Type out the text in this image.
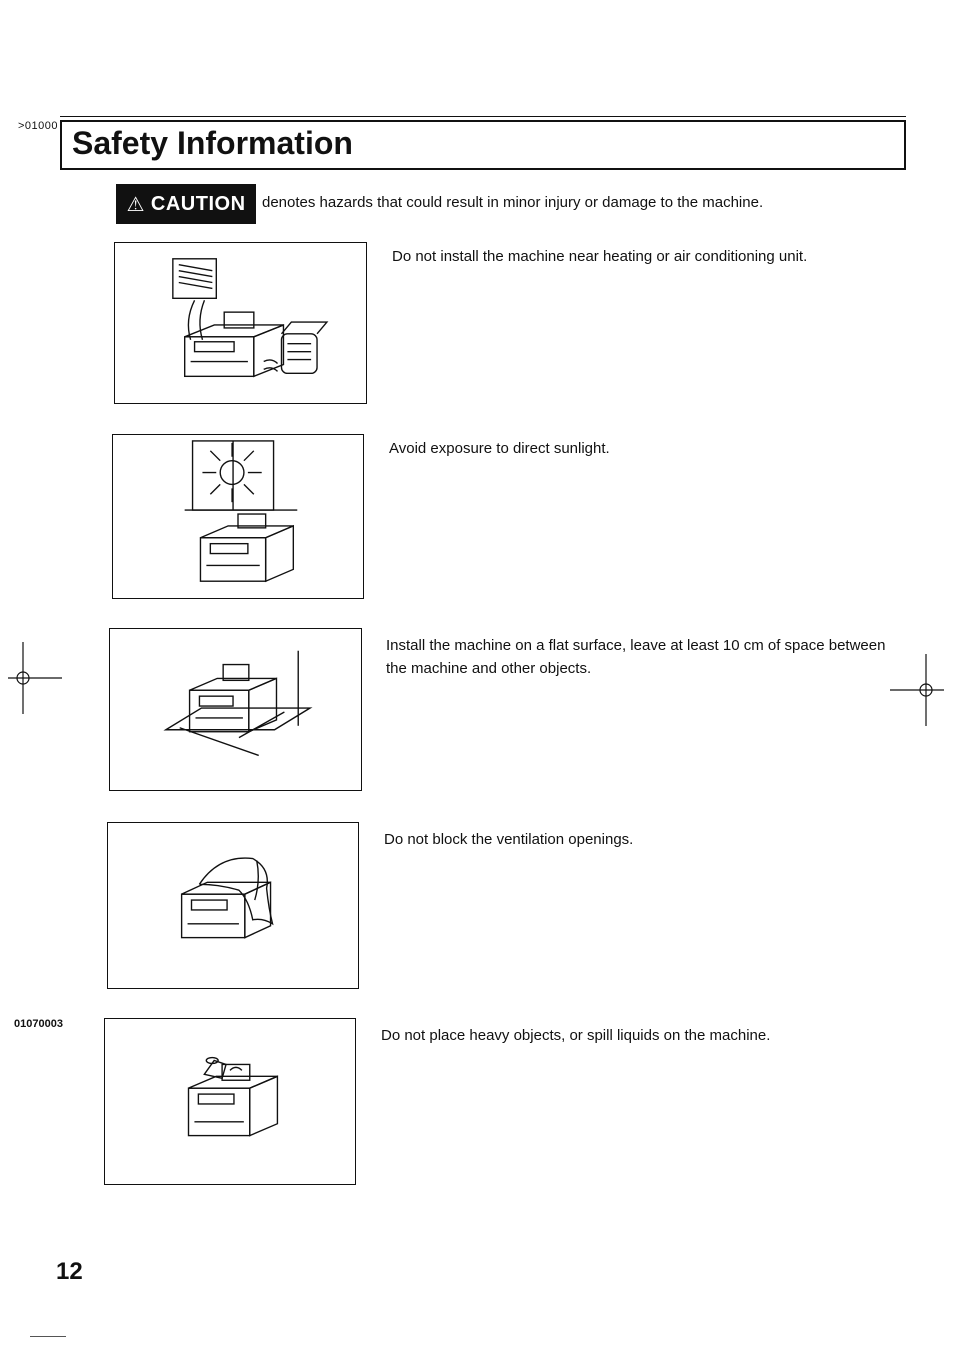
>01000 Safety Information
⚠ CAUTION denotes hazards that could result in minor injury or damage to the machine.
Do not install the machine near heating or air conditioning unit.
Avoid exposure to direct sunlight.
Install the machine on a flat surface, leave at least 10 cm of space between the machine and other objects.
Do not block the ventilation openings.
01070003
Do not place heavy objects, or spill liquids on the machine.
12
